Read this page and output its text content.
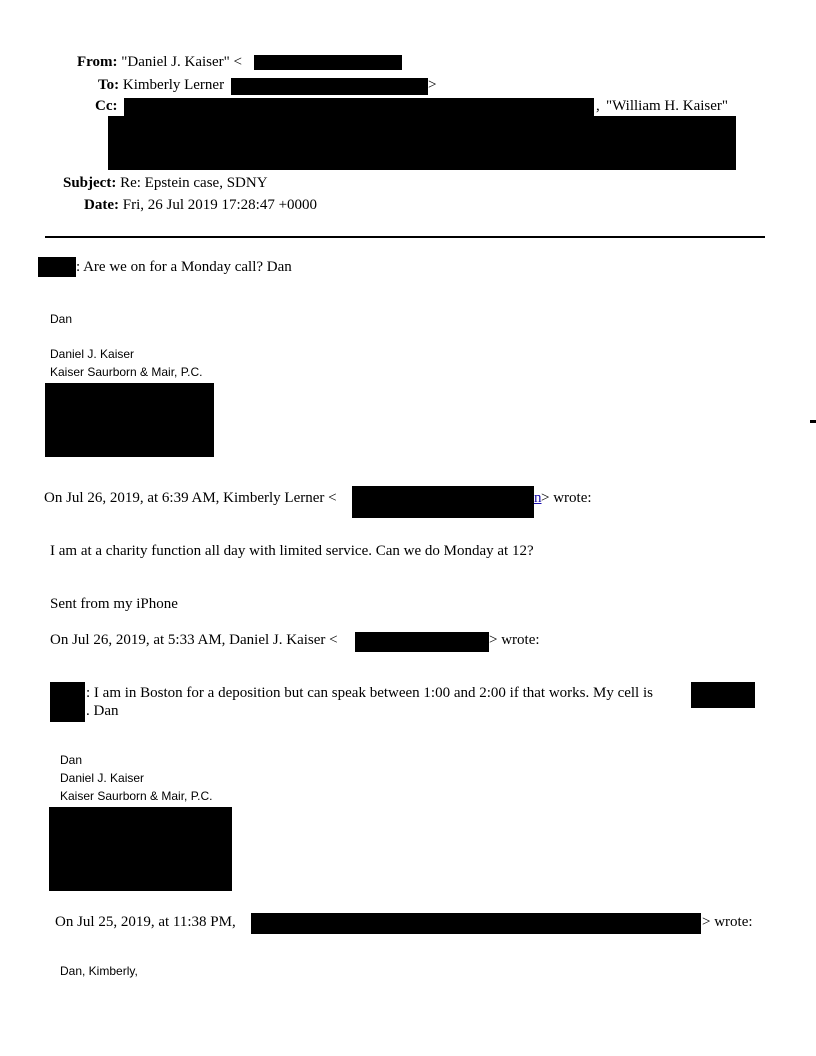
From: "Daniel J. Kaiser" <
To: Kimberly Lerner	>
Cc:	, "William H. Kaiser"
Subject: Re: Epstein case, SDNY
Date: Fri, 26 Jul 2019 17:28:47 +0000
: Are we on for a Monday call? Dan
Dan
Daniel J. Kaiser
Kaiser Saurborn & Mair, P.C.
On Jul 26, 2019, at 6:39 AM, Kimberly Lerner <	n > wrote:
I am at a charity function all day with limited service. Can we do Monday at 12?
Sent from my iPhone
On Jul 26, 2019, at 5:33 AM, Daniel J. Kaiser <	> wrote:
: I am in Boston for a deposition but can speak between 1:00 and 2:00 if that works. My cell is
. Dan
Dan
Daniel J. Kaiser
Kaiser Saurborn & Mair, P.C.
On Jul 25, 2019, at 11:38 PM,	> wrote:
Dan, Kimberly,
